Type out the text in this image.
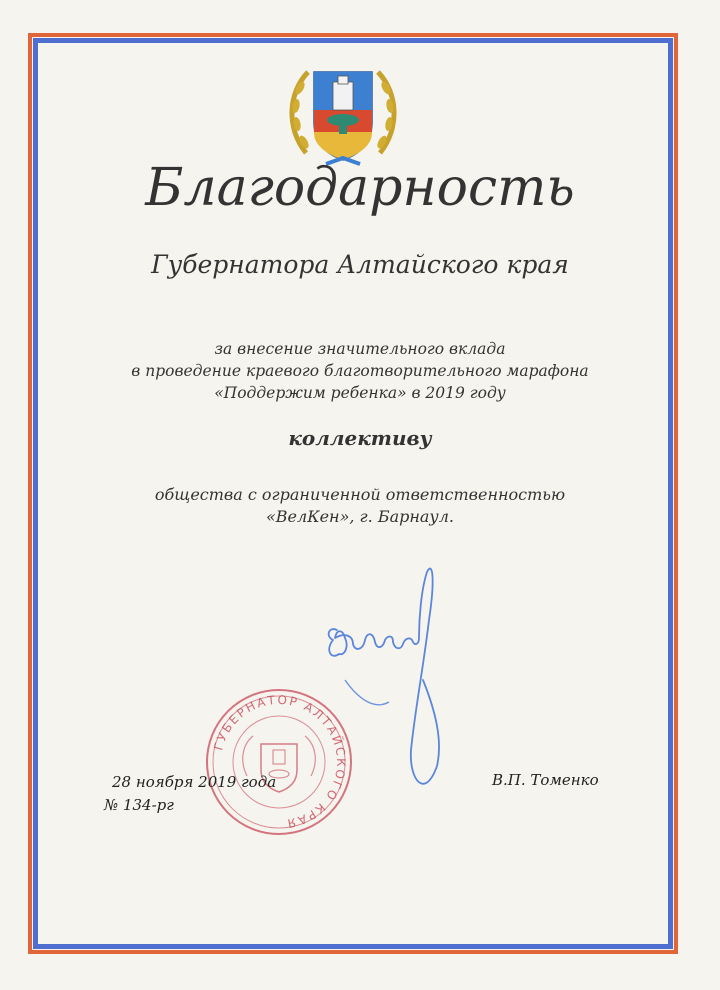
Благодарность
Губернатора Алтайского края
за внесение значительного вклада
в проведение краевого благотворительного марафона
«Поддержим ребенка» в 2019 году
коллективу
общества с ограниченной ответственностью
«ВелКен», г. Барнаул.
ГУБЕРНАТОР АЛТАЙСКОГО КРАЯ
28 ноября 2019 года
№ 134-рг
В.П. Томенко
